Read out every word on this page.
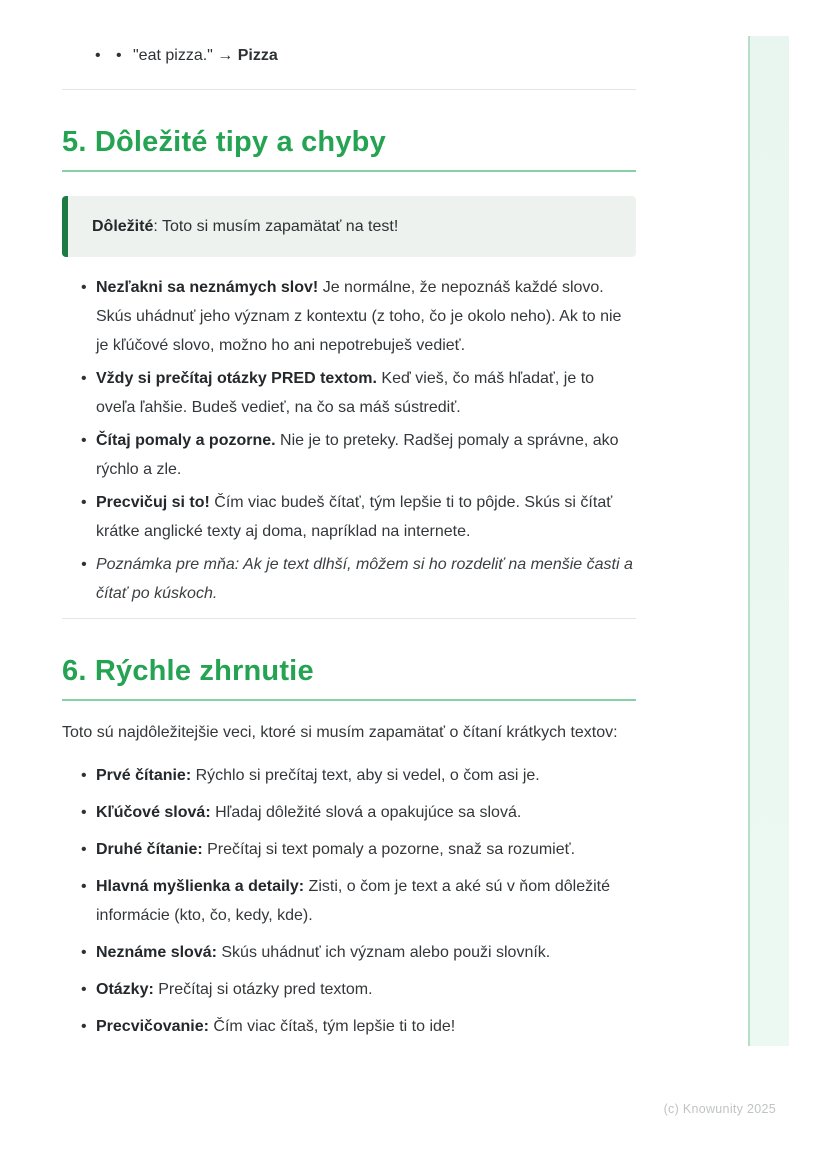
• • "eat pizza." → Pizza
5. Dôležité tipy a chyby

Dôležité: Toto si musím zapamätať na test!

• Nezľakni sa neznámych slov! Je normálne, že nepoznáš každé slovo. Skús uhádnuť jeho význam z kontextu (z toho, čo je okolo neho). Ak to nie je kľúčové slovo, možno ho ani nepotrebuješ vedieť.
• Vždy si prečítaj otázky PRED textom. Keď vieš, čo máš hľadať, je to oveľa ľahšie. Budeš vedieť, na čo sa máš sústrediť.
• Čítaj pomaly a pozorne. Nie je to preteky. Radšej pomaly a správne, ako rýchlo a zle.
• Precvičuj si to! Čím viac budeš čítať, tým lepšie ti to pôjde. Skús si čítať krátke anglické texty aj doma, napríklad na internete.
• Poznámka pre mňa: Ak je text dlhší, môžem si ho rozdeliť na menšie časti a čítať po kúskoch.
6. Rýchle zhrnutie

Toto sú najdôležitejšie veci, ktoré si musím zapamätať o čítaní krátkych textov:

• Prvé čítanie: Rýchlo si prečítaj text, aby si vedel, o čom asi je.
• Kľúčové slová: Hľadaj dôležité slová a opakujúce sa slová.
• Druhé čítanie: Prečítaj si text pomaly a pozorne, snaž sa rozumieť.
• Hlavná myšlienka a detaily: Zisti, o čom je text a aké sú v ňom dôležité informácie (kto, čo, kedy, kde).
• Neznáme slová: Skús uhádnuť ich význam alebo použi slovník.
• Otázky: Prečítaj si otázky pred textom.
• Precvičovanie: Čím viac čítaš, tým lepšie ti to ide!
(c) Knowunity 2025
